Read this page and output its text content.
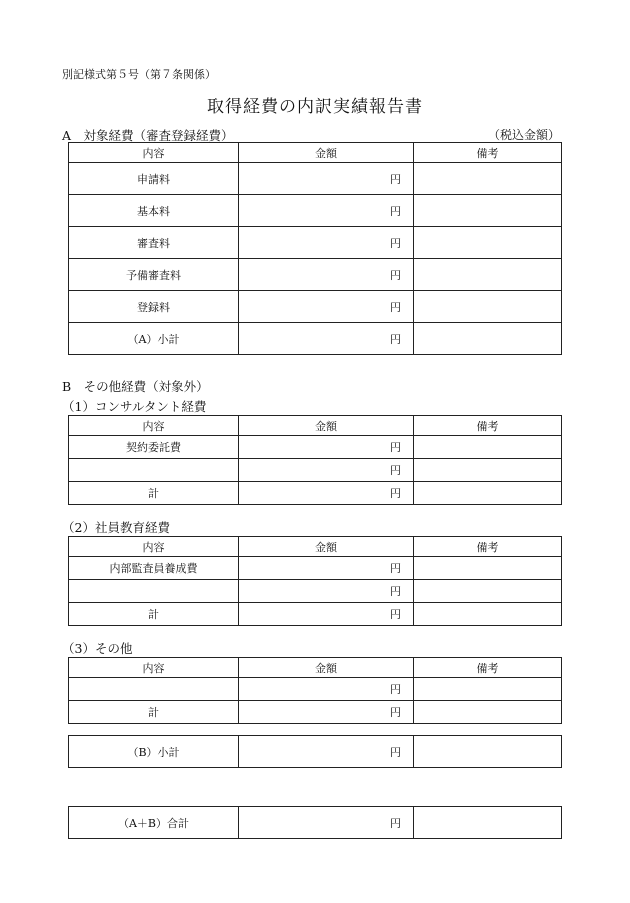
別記様式第５号（第７条関係）
取得経費の内訳実績報告書
A　対象経費（審査登録経費）	（税込金額）
内容	金額	備考
申請料	円	
基本料	円	
審査料	円	
予備審査料	円	
登録料	円	
（A）小計	円	
B　その他経費（対象外）
（1）コンサルタント経費
内容	金額	備考
契約委託費	円	
	円	
計	円	
（2）社員教育経費
内容	金額	備考
内部監査員養成費	円	
	円	
計	円	
（3）その他
内容	金額	備考
	円	
計	円	
（B）小計	円	
（A＋B）合計	円	
